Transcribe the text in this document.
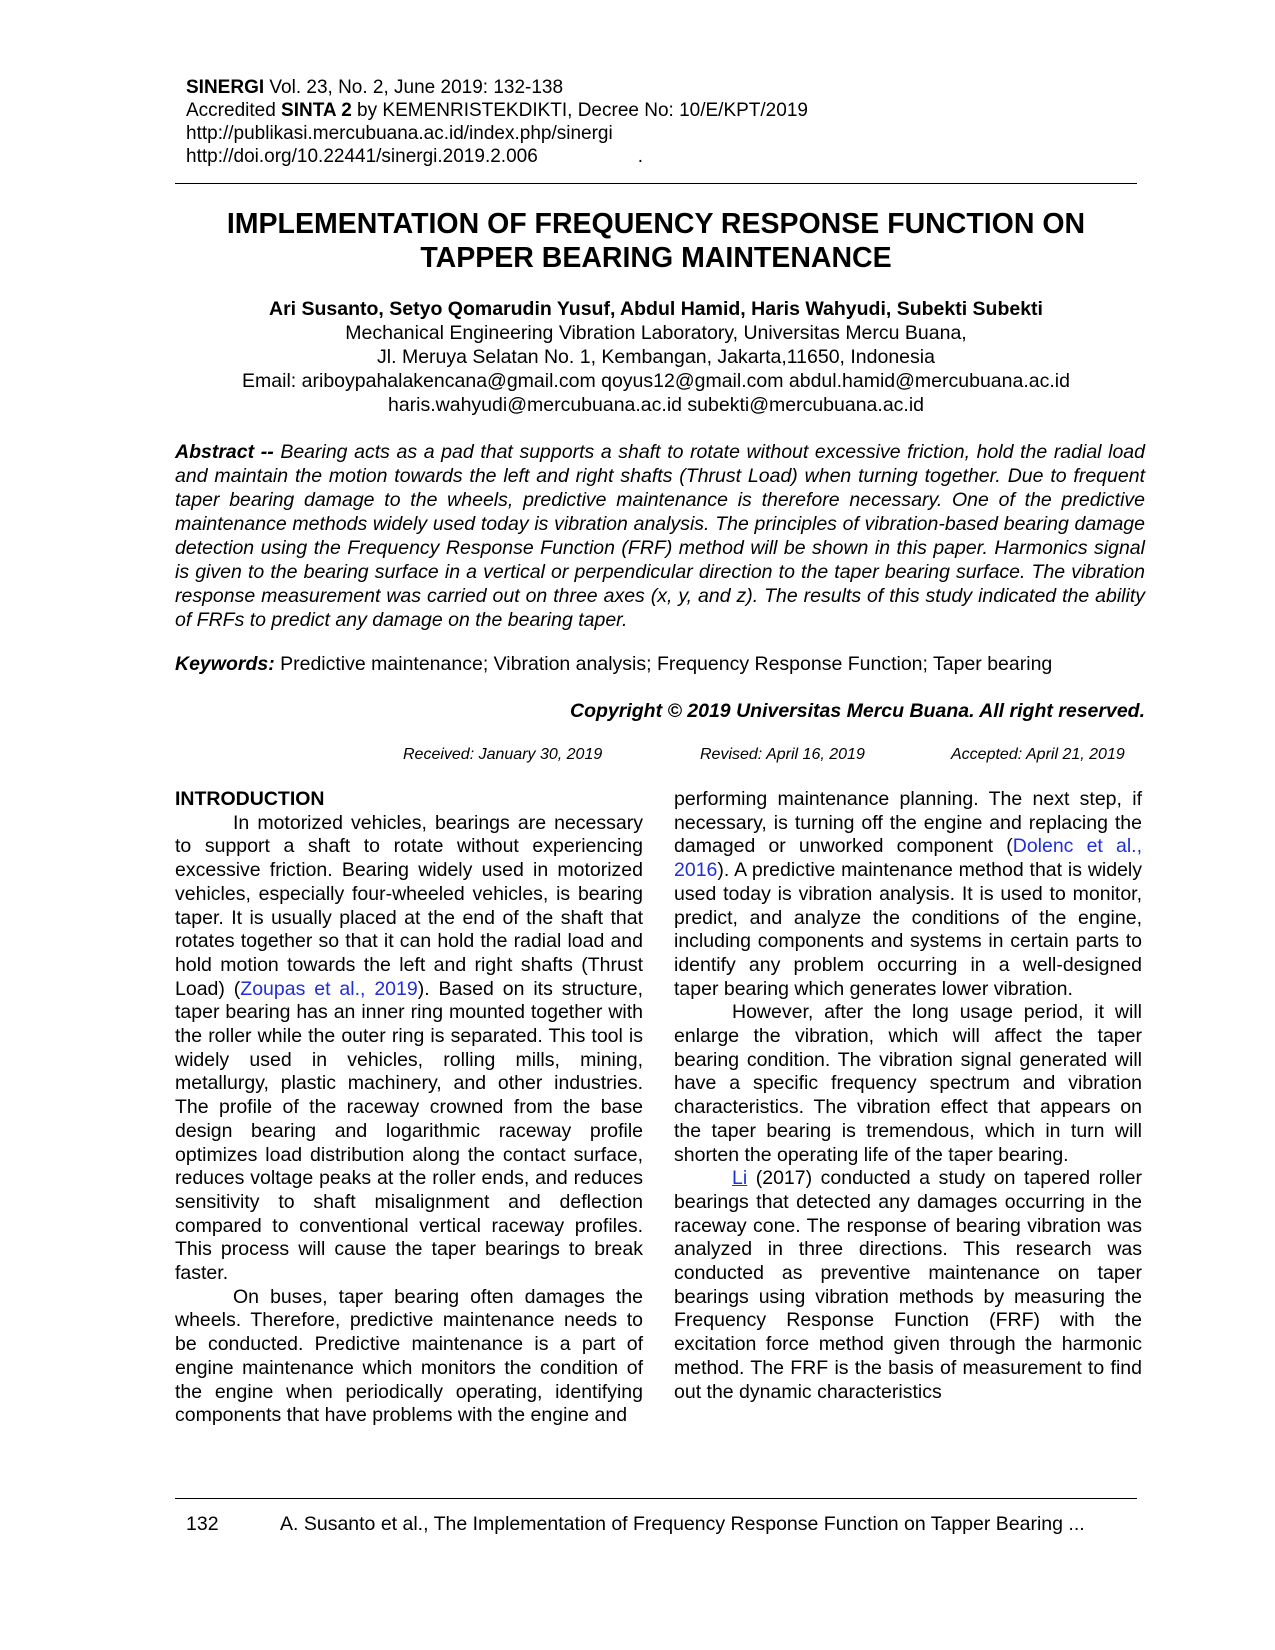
SINERGI Vol. 23, No. 2, June 2019: 132-138
Accredited SINTA 2 by KEMENRISTEKDIKTI, Decree No: 10/E/KPT/2019
http://publikasi.mercubuana.ac.id/index.php/sinergi
http://doi.org/10.22441/sinergi.2019.2.006	.
IMPLEMENTATION OF FREQUENCY RESPONSE FUNCTION ON
TAPPER BEARING MAINTENANCE
Ari Susanto, Setyo Qomarudin Yusuf, Abdul Hamid, Haris Wahyudi, Subekti Subekti
Mechanical Engineering Vibration Laboratory, Universitas Mercu Buana,
Jl. Meruya Selatan No. 1, Kembangan, Jakarta,11650, Indonesia
Email: ariboypahalakencana@gmail.com qoyus12@gmail.com abdul.hamid@mercubuana.ac.id
haris.wahyudi@mercubuana.ac.id subekti@mercubuana.ac.id
Abstract -- Bearing acts as a pad that supports a shaft to rotate without excessive friction, hold the radial load and maintain the motion towards the left and right shafts (Thrust Load) when turning together. Due to frequent taper bearing damage to the wheels, predictive maintenance is therefore necessary. One of the predictive maintenance methods widely used today is vibration analysis. The principles of vibration-based bearing damage detection using the Frequency Response Function (FRF) method will be shown in this paper. Harmonics signal is given to the bearing surface in a vertical or perpendicular direction to the taper bearing surface. The vibration response measurement was carried out on three axes (x, y, and z). The results of this study indicated the ability of FRFs to predict any damage on the bearing taper.
Keywords: Predictive maintenance; Vibration analysis; Frequency Response Function; Taper bearing
Copyright © 2019 Universitas Mercu Buana. All right reserved.
Received: January 30, 2019	Revised: April 16, 2019	Accepted: April 21, 2019
INTRODUCTION

In motorized vehicles, bearings are necessary to support a shaft to rotate without experiencing excessive friction. Bearing widely used in motorized vehicles, especially four-wheeled vehicles, is bearing taper. It is usually placed at the end of the shaft that rotates together so that it can hold the radial load and hold motion towards the left and right shafts (Thrust Load) (Zoupas et al., 2019). Based on its structure, taper bearing has an inner ring mounted together with the roller while the outer ring is separated. This tool is widely used in vehicles, rolling mills, mining, metallurgy, plastic machinery, and other industries. The profile of the raceway crowned from the base design bearing and logarithmic raceway profile optimizes load distribution along the contact surface, reduces voltage peaks at the roller ends, and reduces sensitivity to shaft misalignment and deflection compared to conventional vertical raceway profiles. This process will cause the taper bearings to break faster.

On buses, taper bearing often damages the wheels. Therefore, predictive maintenance needs to be conducted. Predictive maintenance is a part of engine maintenance which monitors the condition of the engine when periodically operating, identifying components that have problems with the engine and

performing maintenance planning. The next step, if necessary, is turning off the engine and replacing the damaged or unworked component (Dolenc et al., 2016). A predictive maintenance method that is widely used today is vibration analysis. It is used to monitor, predict, and analyze the conditions of the engine, including components and systems in certain parts to identify any problem occurring in a well-designed taper bearing which generates lower vibration.

However, after the long usage period, it will enlarge the vibration, which will affect the taper bearing condition. The vibration signal generated will have a specific frequency spectrum and vibration characteristics. The vibration effect that appears on the taper bearing is tremendous, which in turn will shorten the operating life of the taper bearing.

Li (2017) conducted a study on tapered roller bearings that detected any damages occurring in the raceway cone. The response of bearing vibration was analyzed in three directions. This research was conducted as preventive maintenance on taper bearings using vibration methods by measuring the Frequency Response Function (FRF) with the excitation force method given through the harmonic method. The FRF is the basis of measurement to find out the dynamic characteristics

132	A. Susanto et al., The Implementation of Frequency Response Function on Tapper Bearing ...
